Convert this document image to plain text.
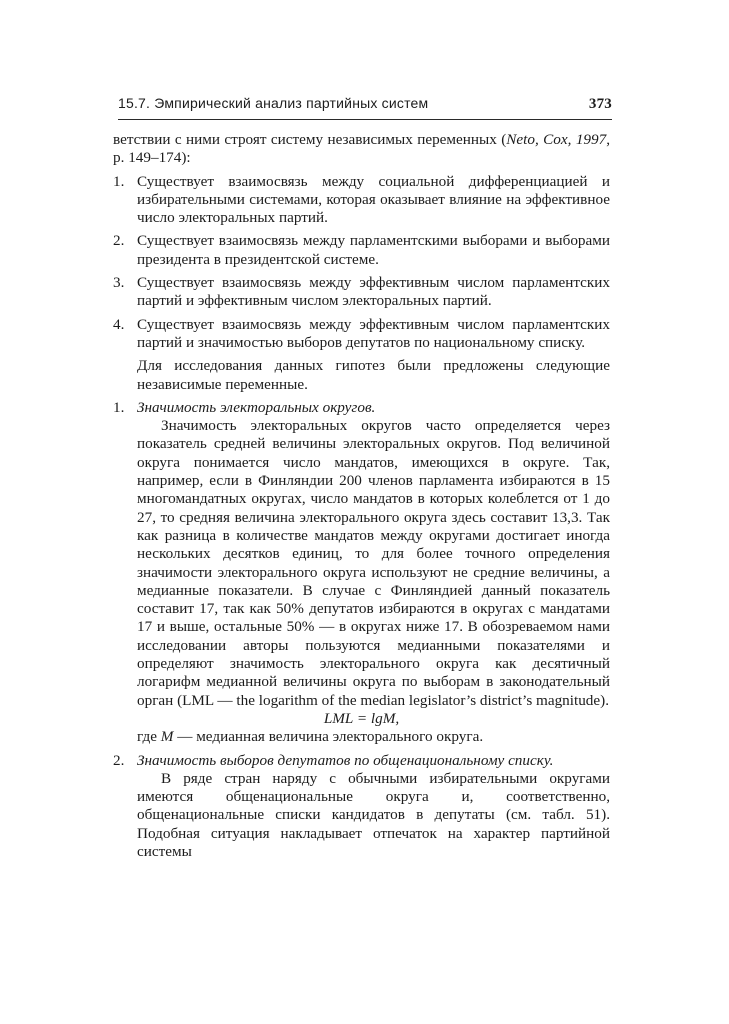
15.7. Эмпирический анализ партийных систем	373

ветствии с ними строят систему независимых переменных (Neto, Cox, 1997, p. 149–174):

1. Существует взаимосвязь между социальной дифференциацией и избирательными системами, которая оказывает влияние на эффективное число электоральных партий.
2. Существует взаимосвязь между парламентскими выборами и выборами президента в президентской системе.
3. Существует взаимосвязь между эффективным числом парламентских партий и эффективным числом электоральных партий.
4. Существует взаимосвязь между эффективным числом парламентских партий и значимостью выборов депутатов по национальному списку.

Для исследования данных гипотез были предложены следующие независимые переменные.

1. Значимость электоральных округов.

Значимость электоральных округов часто определяется через показатель средней величины электоральных округов. Под величиной округа понимается число мандатов, имеющихся в округе. Так, например, если в Финляндии 200 членов парламента избираются в 15 многомандатных округах, число мандатов в которых колеблется от 1 до 27, то средняя величина электорального округа здесь составит 13,3. Так как разница в количестве мандатов между округами достигает иногда нескольких десятков единиц, то для более точного определения значимости электорального округа используют не средние величины, а медианные показатели. В случае с Финляндией данный показатель составит 17, так как 50% депутатов избираются в округах с мандатами 17 и выше, остальные 50% — в округах ниже 17. В обозреваемом нами исследовании авторы пользуются медианными показателями и определяют значимость электорального округа как десятичный логарифм медианной величины округа по выборам в законодательный орган (LML — the logarithm of the median legislator’s district’s magnitude).

LML = lgM,

где M — медианная величина электорального округа.

2. Значимость выборов депутатов по общенациональному списку.

В ряде стран наряду с обычными избирательными округами имеются общенациональные округа и, соответственно, общенациональные списки кандидатов в депутаты (см. табл. 51). Подобная ситуация накладывает отпечаток на характер партийной системы
